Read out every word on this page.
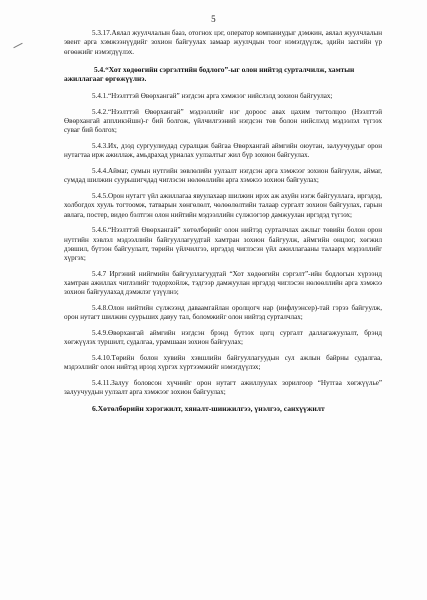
5

5.3.17.Аялал жуулчлалын бааз, отогнох цэг, оператор компаниудыг дэмжин, аялал жуулчлалын эвент арга хэмжээнүүдийг зохион байгуулах замаар жуулчдын тоог нэмэгдүүлж, эдийн засгийн үр өгөөжийг нэмэгдүүлэх.

5.4.“Хот хөдөөгийн сэргэлтийн бодлого”-ыг олон нийтэд сурталчилж, хамтын ажиллагааг өргөжүүлнэ.

5.4.1.“Нээлттэй Өвөрхангай” нэгдсэн арга хэмжээг нийслэлд зохион байгуулах;

5.4.2.“Нээлттэй Өвөрхангай” мэдээллийг нэг дороос авах цахим төгтолцоо (Нээлттэй Өвөрхангай аппликэйшн)-г бий болгож, үйлчилгээний нэгдсэн төв болон нийслэлд мэдээлэл түгээх суваг бий болгох;

5.4.3.Их, дээд сургуулиудад суралцаж байгаа Өвөрхангай аймгийн оюутан, залуучуудыг орон нутагтаа ирж ажиллаж, амьдрахад уриалах уулзалтыг жил бүр зохион байгуулах.

5.4.4.Аймаг, сумын нутгийн зөвлөлийн уулзалт нэгдсэн арга хэмжээг зохион байгуулж, аймаг, сумдад шилжин суурьшигчдад чиглэсэн нөлөөллийн арга хэмжээ зохион байгуулах;

5.4.5.Орон нутагт үйл ажиллагаа явуулахаар шилжин ирэх аж ахуйн нэгж байгууллага, иргэдэд, холбогдох хууль тогтоомж, татварын хөнгөлөлт, чөлөөлөлтийн талаар сургалт зохион байгуулах, гарын авлага, постер, видео бэлтгэн олон нийтийн мэдээллийн сүлжээгээр дамжуулан иргэдэд түгээх;

5.4.6.“Нээлттэй Өвөрхангай” хөтөлбөрийг олон нийтэд сурталчлах ажлыг төвийн болон орон нутгийн хэвлэл мэдээллийн байгууллагуудтай хамтран зохион байгуулж, аймгийн онцлог, хөгжил дэвшил, бүтээн байгуулалт, төрийн үйлчилгээ, иргэдэд чиглэсэн үйл ажиллагааны талаарх мэдээллийг хүргэх;

5.4.7 Иргэний нийгмийн байгууллагуудтай “Хот хөдөөгийн сэргэлт”-ийн бодлогын хүрээнд хамтран ажиллах чиглэлийг тодорхойлж, тэдгээр дамжуулан иргэдэд чиглэсэн нөлөөллийн арга хэмжээ зохион байгуулахад дэмжлэг үзүүлнэ;

5.4.8.Олон нийтийн сүлжээнд даваамгайлан оролцогч нар (инфлуэнсер)-тай гэрээ байгуулж, орон нутагт шилжин суурьших давуу тал, боломжийг олон нийтэд сурталчлах;

5.4.9.Өвөрхангай аймгийн нэгдсэн брэнд бүтээх цогц сургалт даллагажуулалт, брэнд хөгжүүлэх туршилт, судалгаа, урамшаан зохион байгуулах;

5.4.10.Төрийн болон хувийн хэвшлийн байгууллагуудын сул ажлын байрны судалгаа, мэдээллийг олон нийтэд ирээд хүргэх хүртээмжийг нэмэгдүүлэх;

5.4.11.Залуу боловсон хүчнийг орон нутагт ажиллуулах зорилгоор “Нутгаа хөгжүүлье” залуучуудын уулзалт арга хэмжээг зохион байгуулах;

6.Хөтөлбөрийн хэрэгжилт, хяналт-шинжилгээ, үнэлгээ, санхүүжилт
